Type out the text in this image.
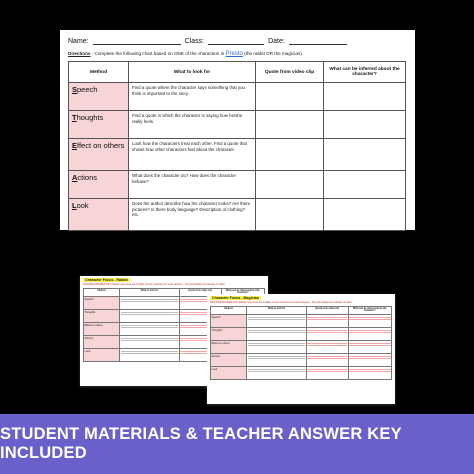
Name:	Class:	Date:
Directions - Complete the following chart based on ONE of the characters in Presto (the rabbit OR the magician).
Method	What to look for	Quote from video clip	What can be inferred about the character?
Speech	Find a quote where the character says something that you think is important to the story.		
Thoughts	Find a quote in which the character is saying how he/she really feels.		
Effect on others	Look how the characters treat each other. Find a quote that shows how other characters feel about the character.		
Actions	What does the character do? How does the character behave?		
Look	Does the author describe how the character looks? Are there pictures? Is there body language? Description of clothing? etc.		
Character Focus - Rabbit
TEACHER ANSWER KEY (Please note there are multiple correct responses for each category - this just displays an example of each)
Method	What to look for	Quote from video clip	What can be inferred about the character?
Speech	

Thoughts	

Effect on others	

Actions	

Look	

Character Focus - Magician
TEACHER ANSWER KEY (Please note there are multiple correct responses for each category - this just displays an example of each)
Method	What to look for	Quote from video clip	What can be inferred about the character?
Speech	

Thoughts	

Effect on others	

Actions	

Look	

STUDENT MATERIALS & TEACHER ANSWER KEY INCLUDED
